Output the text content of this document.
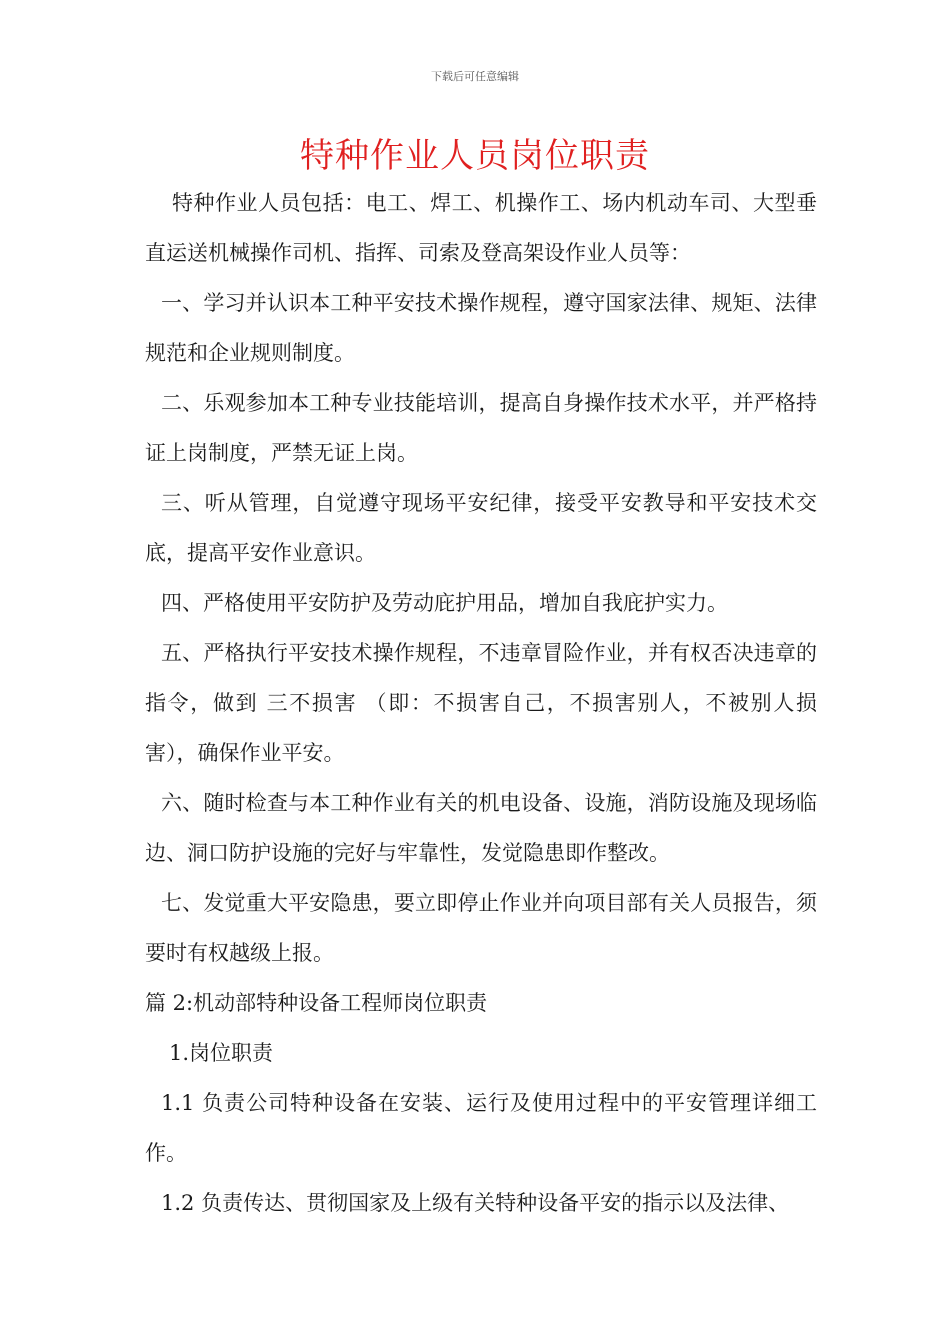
下载后可任意编辑
特种作业人员岗位职责

特种作业人员包括：电工、焊工、机操作工、场内机动车司、大型垂直运送机械操作司机、指挥、司索及登高架设作业人员等：

一、学习并认识本工种平安技术操作规程，遵守国家法律、规矩、法律规范和企业规则制度。

二、乐观参加本工种专业技能培训，提高自身操作技术水平，并严格持证上岗制度，严禁无证上岗。

三、听从管理，自觉遵守现场平安纪律，接受平安教导和平安技术交底，提高平安作业意识。

四、严格使用平安防护及劳动庇护用品，增加自我庇护实力。

五、严格执行平安技术操作规程，不违章冒险作业，并有权否决违章的指令，做到 三不损害 （即：不损害自己，不损害别人，不被别人损害），确保作业平安。

六、随时检查与本工种作业有关的机电设备、设施，消防设施及现场临边、洞口防护设施的完好与牢靠性，发觉隐患即作整改。

七、发觉重大平安隐患，要立即停止作业并向项目部有关人员报告，须要时有权越级上报。

篇 2:机动部特种设备工程师岗位职责

1.岗位职责

1.1 负责公司特种设备在安装、运行及使用过程中的平安管理详细工作。

1.2 负责传达、贯彻国家及上级有关特种设备平安的指示以及法律、
